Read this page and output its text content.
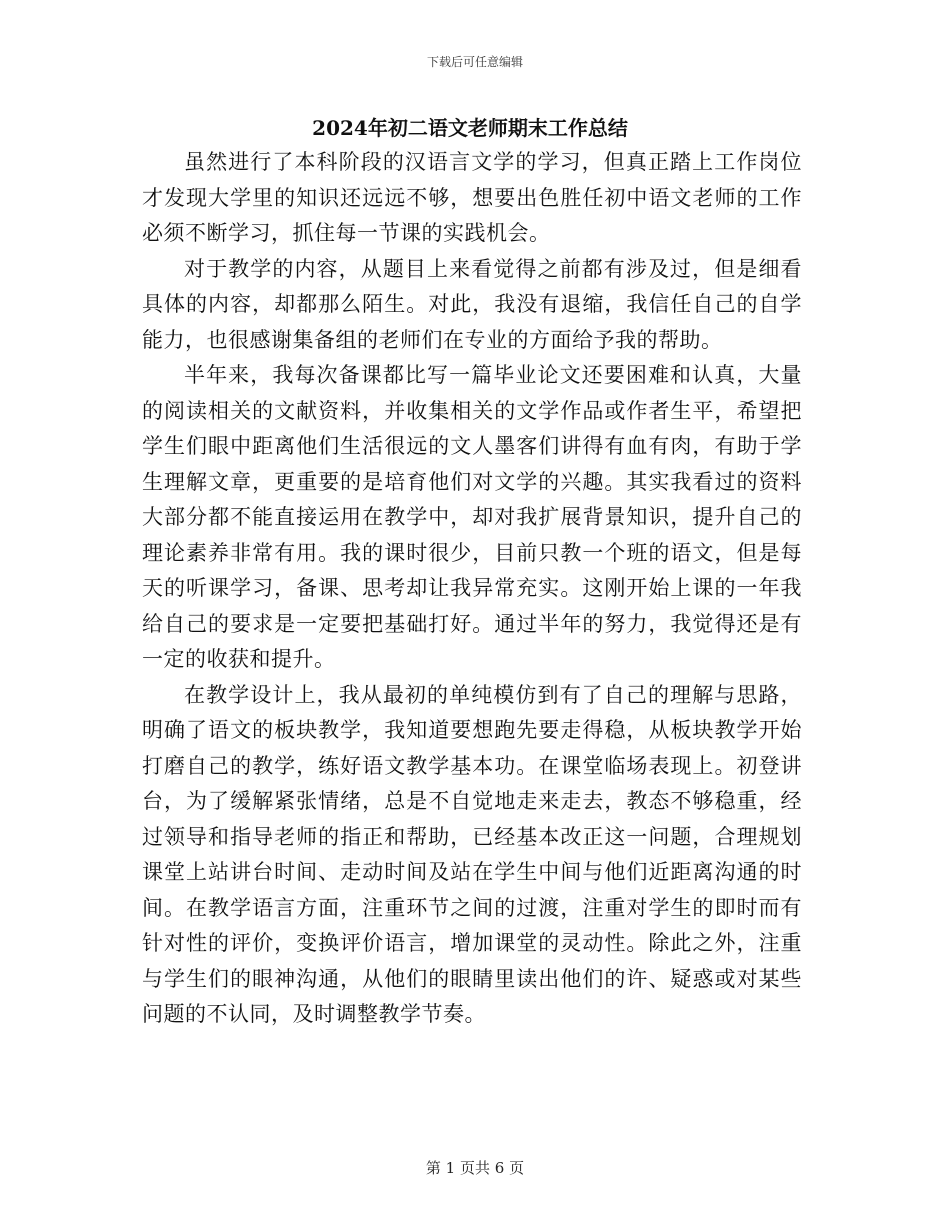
下载后可任意编辑
2024年初二语文老师期末工作总结

虽然进行了本科阶段的汉语言文学的学习，但真正踏上工作岗位才发现大学里的知识还远远不够，想要出色胜任初中语文老师的工作必须不断学习，抓住每一节课的实践机会。

对于教学的内容，从题目上来看觉得之前都有涉及过，但是细看具体的内容，却都那么陌生。对此，我没有退缩，我信任自己的自学能力，也很感谢集备组的老师们在专业的方面给予我的帮助。

半年来，我每次备课都比写一篇毕业论文还要困难和认真，大量的阅读相关的文献资料，并收集相关的文学作品或作者生平，希望把学生们眼中距离他们生活很远的文人墨客们讲得有血有肉，有助于学生理解文章，更重要的是培育他们对文学的兴趣。其实我看过的资料大部分都不能直接运用在教学中，却对我扩展背景知识，提升自己的理论素养非常有用。我的课时很少，目前只教一个班的语文，但是每天的听课学习，备课、思考却让我异常充实。这刚开始上课的一年我给自己的要求是一定要把基础打好。通过半年的努力，我觉得还是有一定的收获和提升。

在教学设计上，我从最初的单纯模仿到有了自己的理解与思路，明确了语文的板块教学，我知道要想跑先要走得稳，从板块教学开始打磨自己的教学，练好语文教学基本功。在课堂临场表现上。初登讲台，为了缓解紧张情绪，总是不自觉地走来走去，教态不够稳重，经过领导和指导老师的指正和帮助，已经基本改正这一问题，合理规划课堂上站讲台时间、走动时间及站在学生中间与他们近距离沟通的时间。在教学语言方面，注重环节之间的过渡，注重对学生的即时而有针对性的评价，变换评价语言，增加课堂的灵动性。除此之外，注重与学生们的眼神沟通，从他们的眼睛里读出他们的许、疑惑或对某些问题的不认同，及时调整教学节奏。

第 1 页共 6 页
